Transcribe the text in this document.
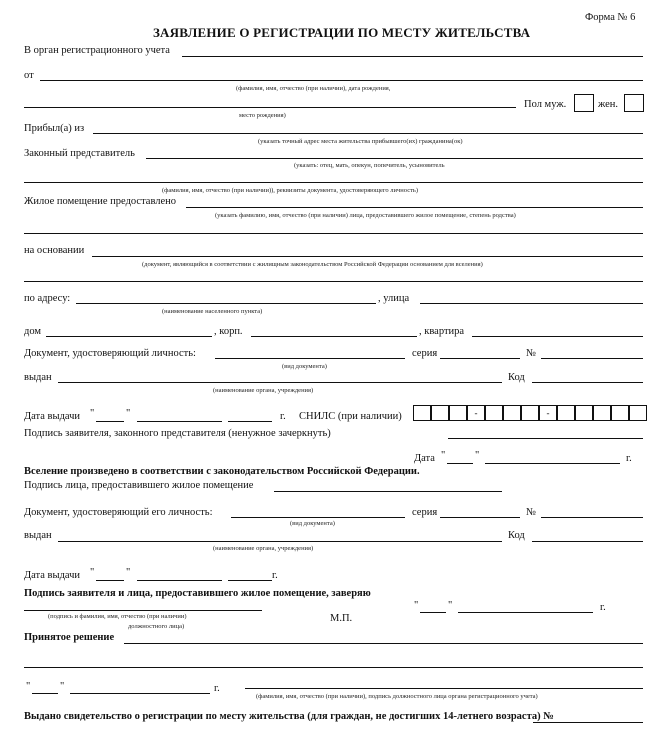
Форма № 6
ЗАЯВЛЕНИЕ О РЕГИСТРАЦИИ ПО МЕСТУ ЖИТЕЛЬСТВА
В орган регистрационного учета
от
(фамилия, имя, отчество (при наличии), дата рождения,
Пол муж.	жен.
место рождения)
Прибыл(а) из
(указать точный адрес места жительства прибывшего(их) гражданина(ок)
Законный представитель
(указать: отец, мать, опекун, попечитель, усыновитель
(фамилия, имя, отчество (при наличии)), реквизиты документа, удостоверяющего личность)
Жилое помещение предоставлено
(указать фамилию, имя, отчество (при наличии) лица, предоставившего жилое помещение, степень родства)
на основании
(документ, являющийся в соответствии с жилищным законодательством Российской Федерации основанием для вселения)
по адресу:	, улица
(наименование населенного пункта)
дом	, корп.	, квартира
Документ, удостоверяющий личность:	серия	№
(вид документа)
выдан	Код
(наименование органа, учреждения)
Дата выдачи "	"	г. СНИЛС (при наличии)	-	-
Подпись заявителя, законного представителя (ненужное зачеркнуть)
Дата "	"	г.
Вселение произведено в соответствии с законодательством Российской Федерации.
Подпись лица, предоставившего жилое помещение
Документ, удостоверяющий его личность:	серия	№
(вид документа)
выдан	Код
(наименование органа, учреждения)
Дата выдачи "	"	г.
Подпись заявителя и лица, предоставившего жилое помещение, заверяю
(подпись и фамилия, имя, отчество (при наличии)
должностного лица)
М.П.
"	"	г.
Принятое решение
"	"	г.
(фамилия, имя, отчество (при наличии), подпись должностного лица органа регистрационного учета)
Выдано свидетельство о регистрации по месту жительства (для граждан, не достигших 14-летнего возраста) №
